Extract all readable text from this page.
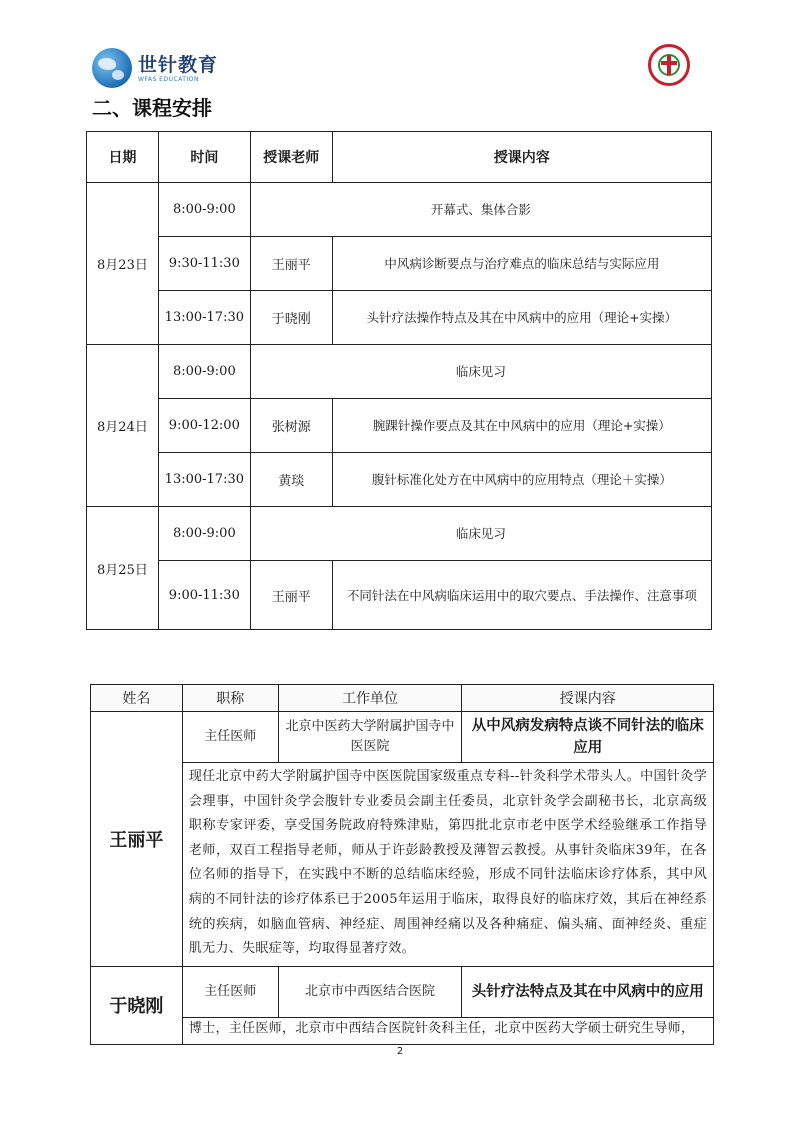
世针教育
WFAS EDUCATION
二、课程安排
日期	时间	授课老师	授课内容
8月23日	8:00-9:00	开幕式、集体合影	
	9:30-11:30	王丽平	中风病诊断要点与治疗难点的临床总结与实际应用
	13:00-17:30	于晓刚	头针疗法操作特点及其在中风病中的应用（理论+实操）
8月24日	8:00-9:00	临床见习	
	9:00-12:00	张树源	腕踝针操作要点及其在中风病中的应用（理论+实操）
	13:00-17:30	黄琰	腹针标准化处方在中风病中的应用特点（理论＋实操）
8月25日	8:00-9:00	临床见习	
	9:00-11:30	王丽平	不同针法在中风病临床运用中的取穴要点、手法操作、注意事项
姓名	职称	工作单位	授课内容
王丽平	主任医师	北京中医药大学附属护国寺中医医院	从中风病发病特点谈不同针法的临床应用
	现任北京中药大学附属护国寺中医医院国家级重点专科--针灸科学术带头人。中国针灸学会理事，中国针灸学会腹针专业委员会副主任委员，北京针灸学会副秘书长，北京高级职称专家评委，享受国务院政府特殊津贴，第四批北京市老中医学术经验继承工作指导老师，双百工程指导老师，师从于许彭龄教授及薄智云教授。从事针灸临床39年，在各位名师的指导下，在实践中不断的总结临床经验，形成不同针法临床诊疗体系，其中风病的不同针法的诊疗体系已于2005年运用于临床，取得良好的临床疗效，其后在神经系统的疾病，如脑血管病、神经症、周围神经痛以及各种痛症、偏头痛、面神经炎、重症肌无力、失眠症等，均取得显著疗效。		
于晓刚	主任医师	北京市中西医结合医院	头针疗法特点及其在中风病中的应用
	博士，主任医师，北京市中西结合医院针灸科主任，北京中医药大学硕士研究生导师，		
2
